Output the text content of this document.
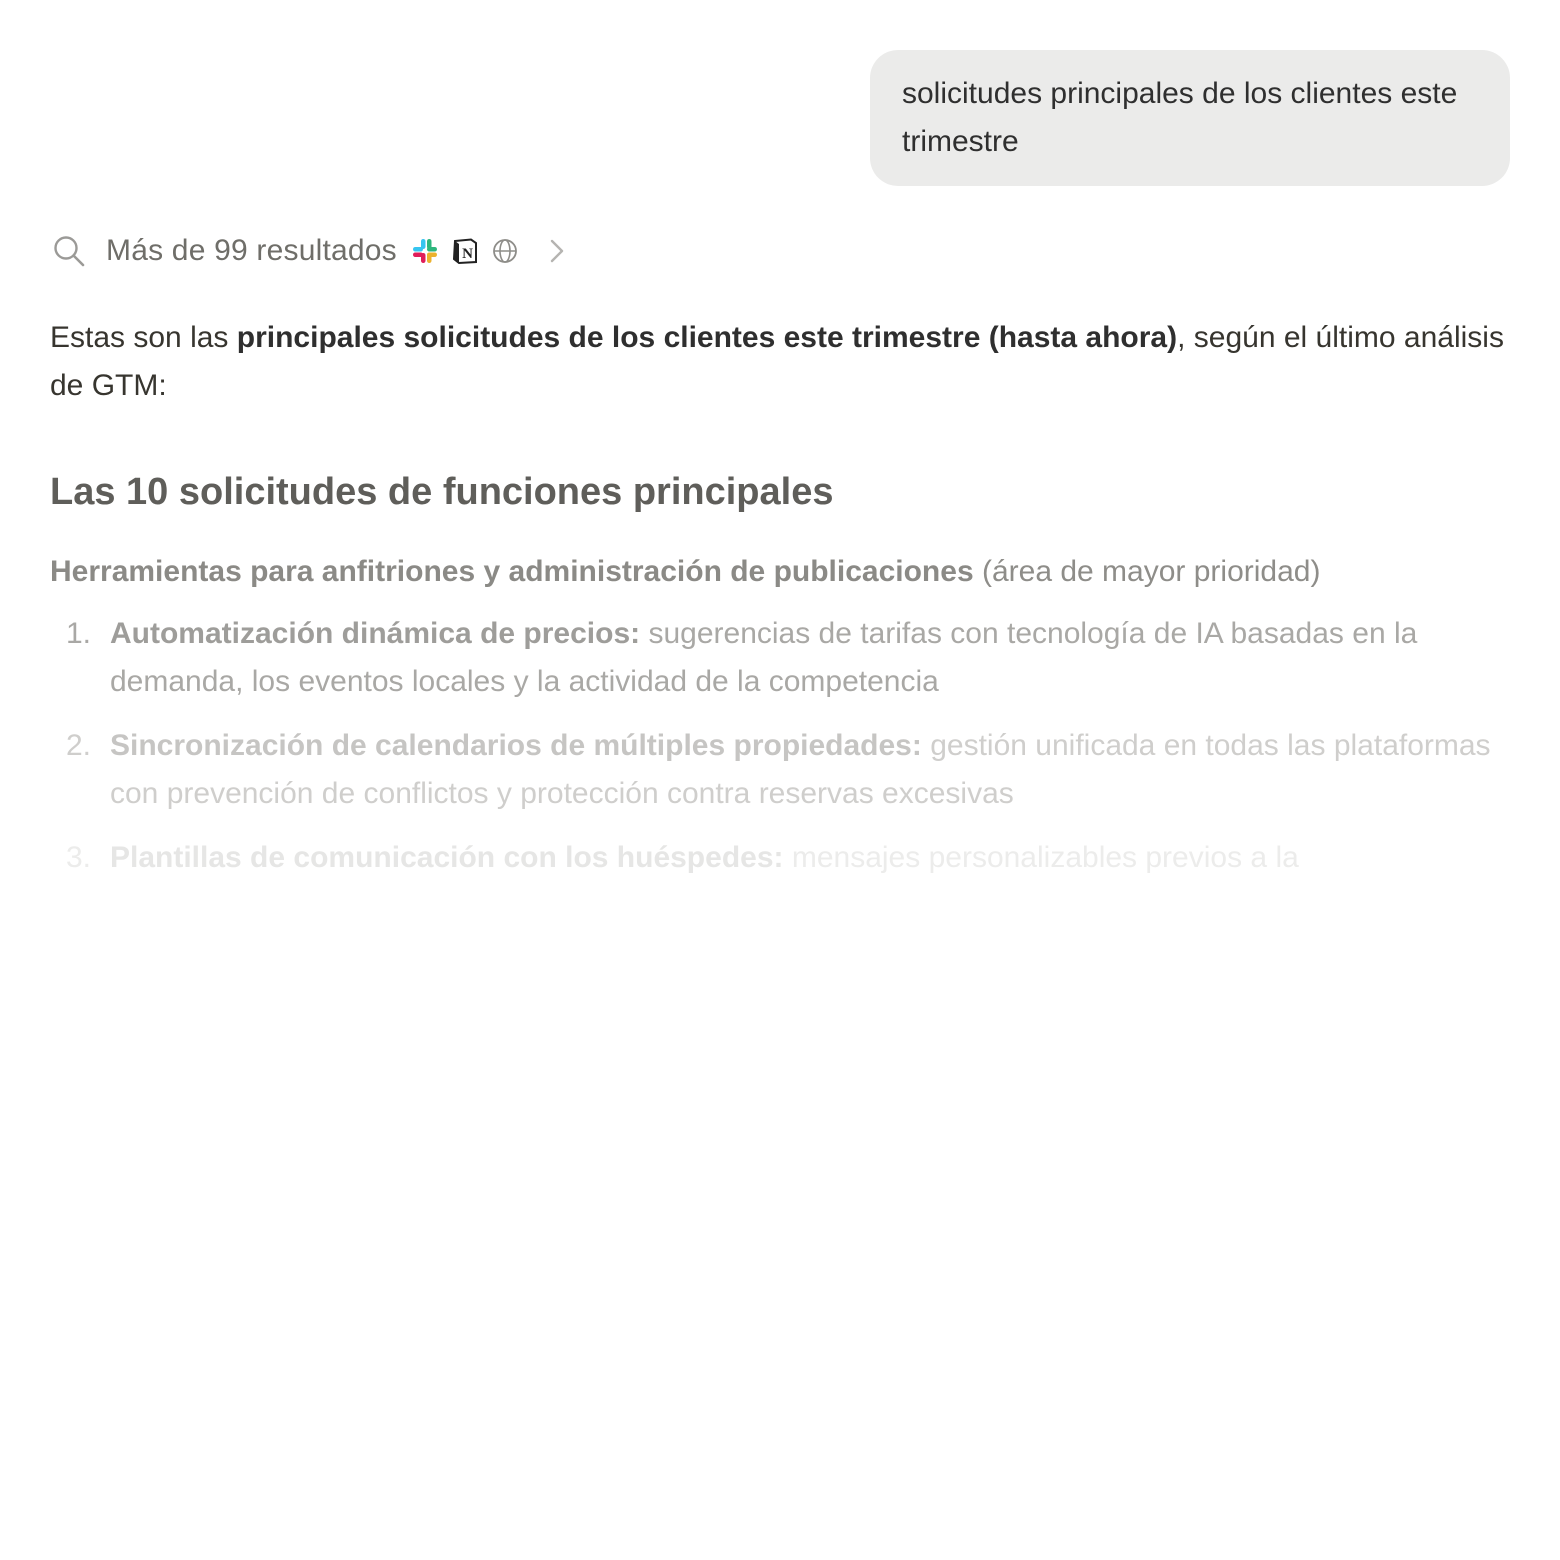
solicitudes principales de los clientes este trimestre
Más de 99 resultados	N

Estas son las principales solicitudes de los clientes este trimestre (hasta ahora), según el último análisis de GTM:

Las 10 solicitudes de funciones principales

Herramientas para anfitriones y administración de publicaciones (área de mayor prioridad)

1. Automatización dinámica de precios: sugerencias de tarifas con tecnología de IA basadas en la demanda, los eventos locales y la actividad de la competencia
2. Sincronización de calendarios de múltiples propiedades: gestión unificada en todas las plataformas con prevención de conflictos y protección contra reservas excesivas
3. Plantillas de comunicación con los huéspedes: mensajes personalizables previos a la
